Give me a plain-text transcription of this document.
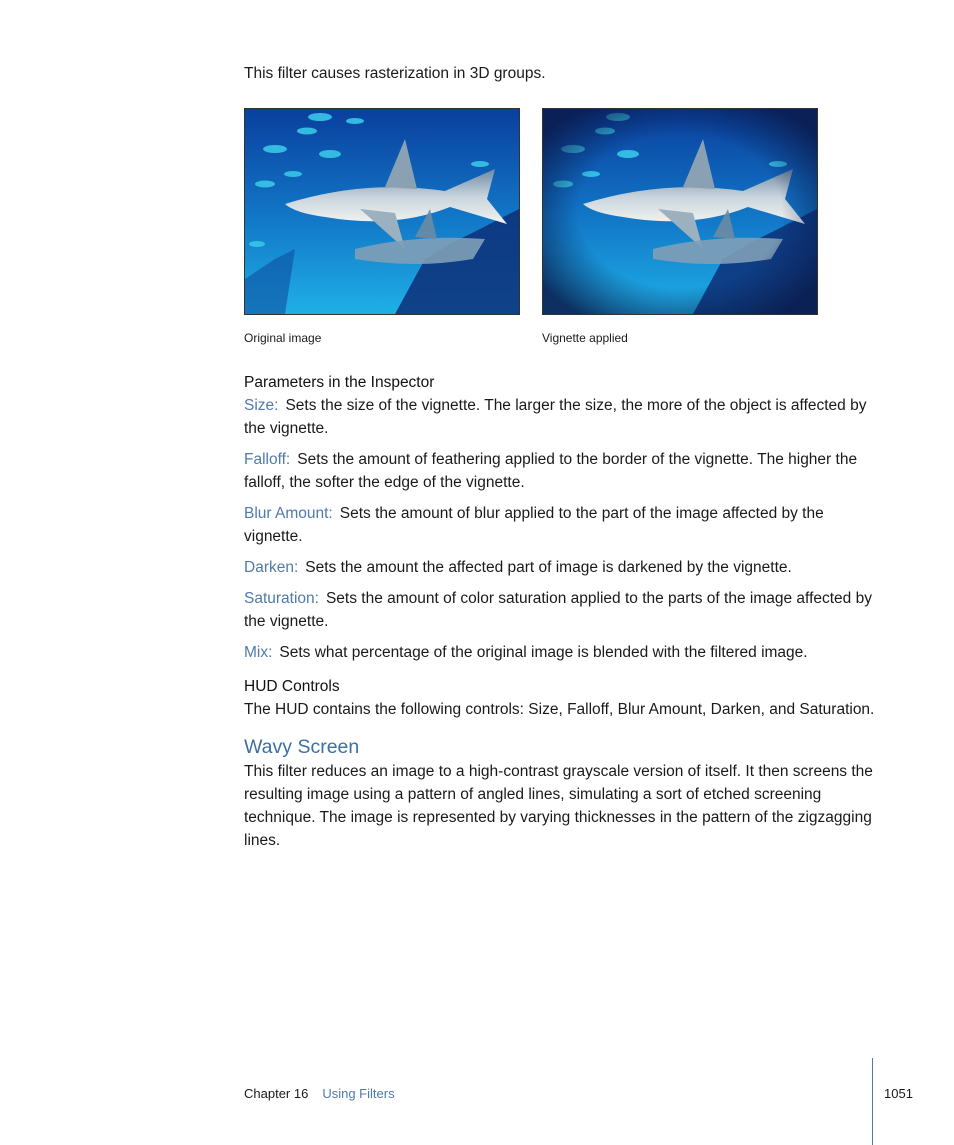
This filter causes rasterization in 3D groups.

Original image	Vignette applied

Parameters in the Inspector

Size: Sets the size of the vignette. The larger the size, the more of the object is affected by the vignette.

Falloff: Sets the amount of feathering applied to the border of the vignette. The higher the falloff, the softer the edge of the vignette.

Blur Amount: Sets the amount of blur applied to the part of the image affected by the vignette.

Darken: Sets the amount the affected part of image is darkened by the vignette.

Saturation: Sets the amount of color saturation applied to the parts of the image affected by the vignette.

Mix: Sets what percentage of the original image is blended with the filtered image.

HUD Controls

The HUD contains the following controls: Size, Falloff, Blur Amount, Darken, and Saturation.

Wavy Screen

This filter reduces an image to a high-contrast grayscale version of itself. It then screens the resulting image using a pattern of angled lines, simulating a sort of etched screening technique. The image is represented by varying thicknesses in the pattern of the zigzagging lines.

Chapter 16 Using Filters	1051
